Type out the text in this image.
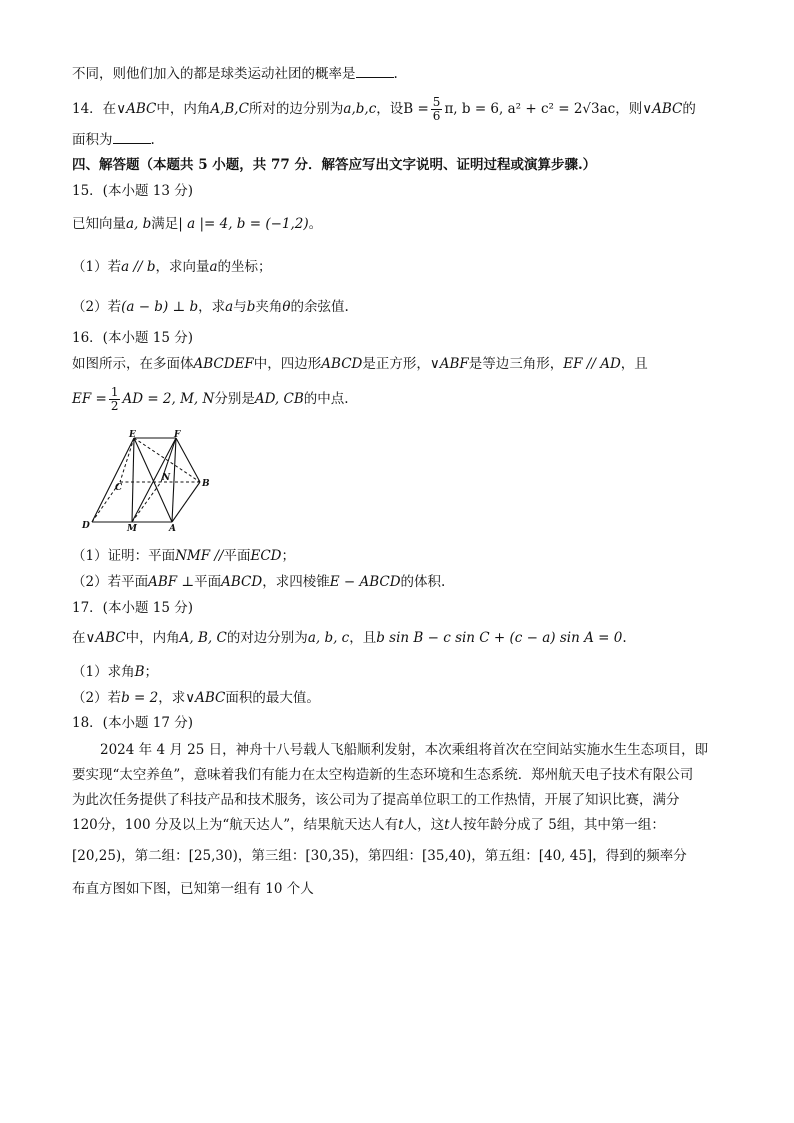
不同，则他们加入的都是球类运动社团的概率是	.
14．在∨ABC中，内角A,B,C所对的边分别为a,b,c，设$B = \frac{5}{6} \pi$, b = 6, a² + c² = 2√3ac，则∨ABC的
面积为	.
四、解答题（本题共 5 小题，共 77 分．解答应写出文字说明、证明过程或演算步骤.）
15．(本小题 13 分)
已知向量a, b满足| a |= 4, b = (−1,2)。
（1）若a // b，求向量a的坐标；
（2）若(a − b) ⊥ b，求a与b夹角θ的余弦值.
16．(本小题 15 分)
如图所示，在多面体ABCDEF中，四边形ABCD是正方形，∨ABF是等边三角形，EF // AD，且
EF = $\frac{1}{2}$ AD = 2, M, N分别是AD, CB的中点.
E	F
C
N
B
D	M	A
（1）证明：平面NMF //平面ECD；
（2）若平面ABF ⊥平面ABCD，求四棱锥E − ABCD的体积.
17．(本小题 15 分)
在∨ABC中，内角A, B, C的对边分别为a, b, c，且b sin B − c sin C + (c − a) sin A = 0.
（1）求角B；
（2）若b = 2，求∨ABC面积的最大值。
18．(本小题 17 分)
2024 年 4 月 25 日，神舟十八号载人飞船顺利发射，本次乘组将首次在空间站实施水生生态项目，即
要实现“太空养鱼”，意味着我们有能力在太空构造新的生态环境和生态系统．郑州航天电子技术有限公司
为此次任务提供了科技产品和技术服务，该公司为了提高单位职工的工作热情，开展了知识比赛，满分
120分，100 分及以上为“航天达人”，结果航天达人有t人，这t人按年龄分成了 5组，其中第一组：
[20,25)，第二组：[25,30)，第三组：[30,35)，第四组：[35,40)，第五组：[40, 45]，得到的频率分
布直方图如下图，已知第一组有 10 个人
